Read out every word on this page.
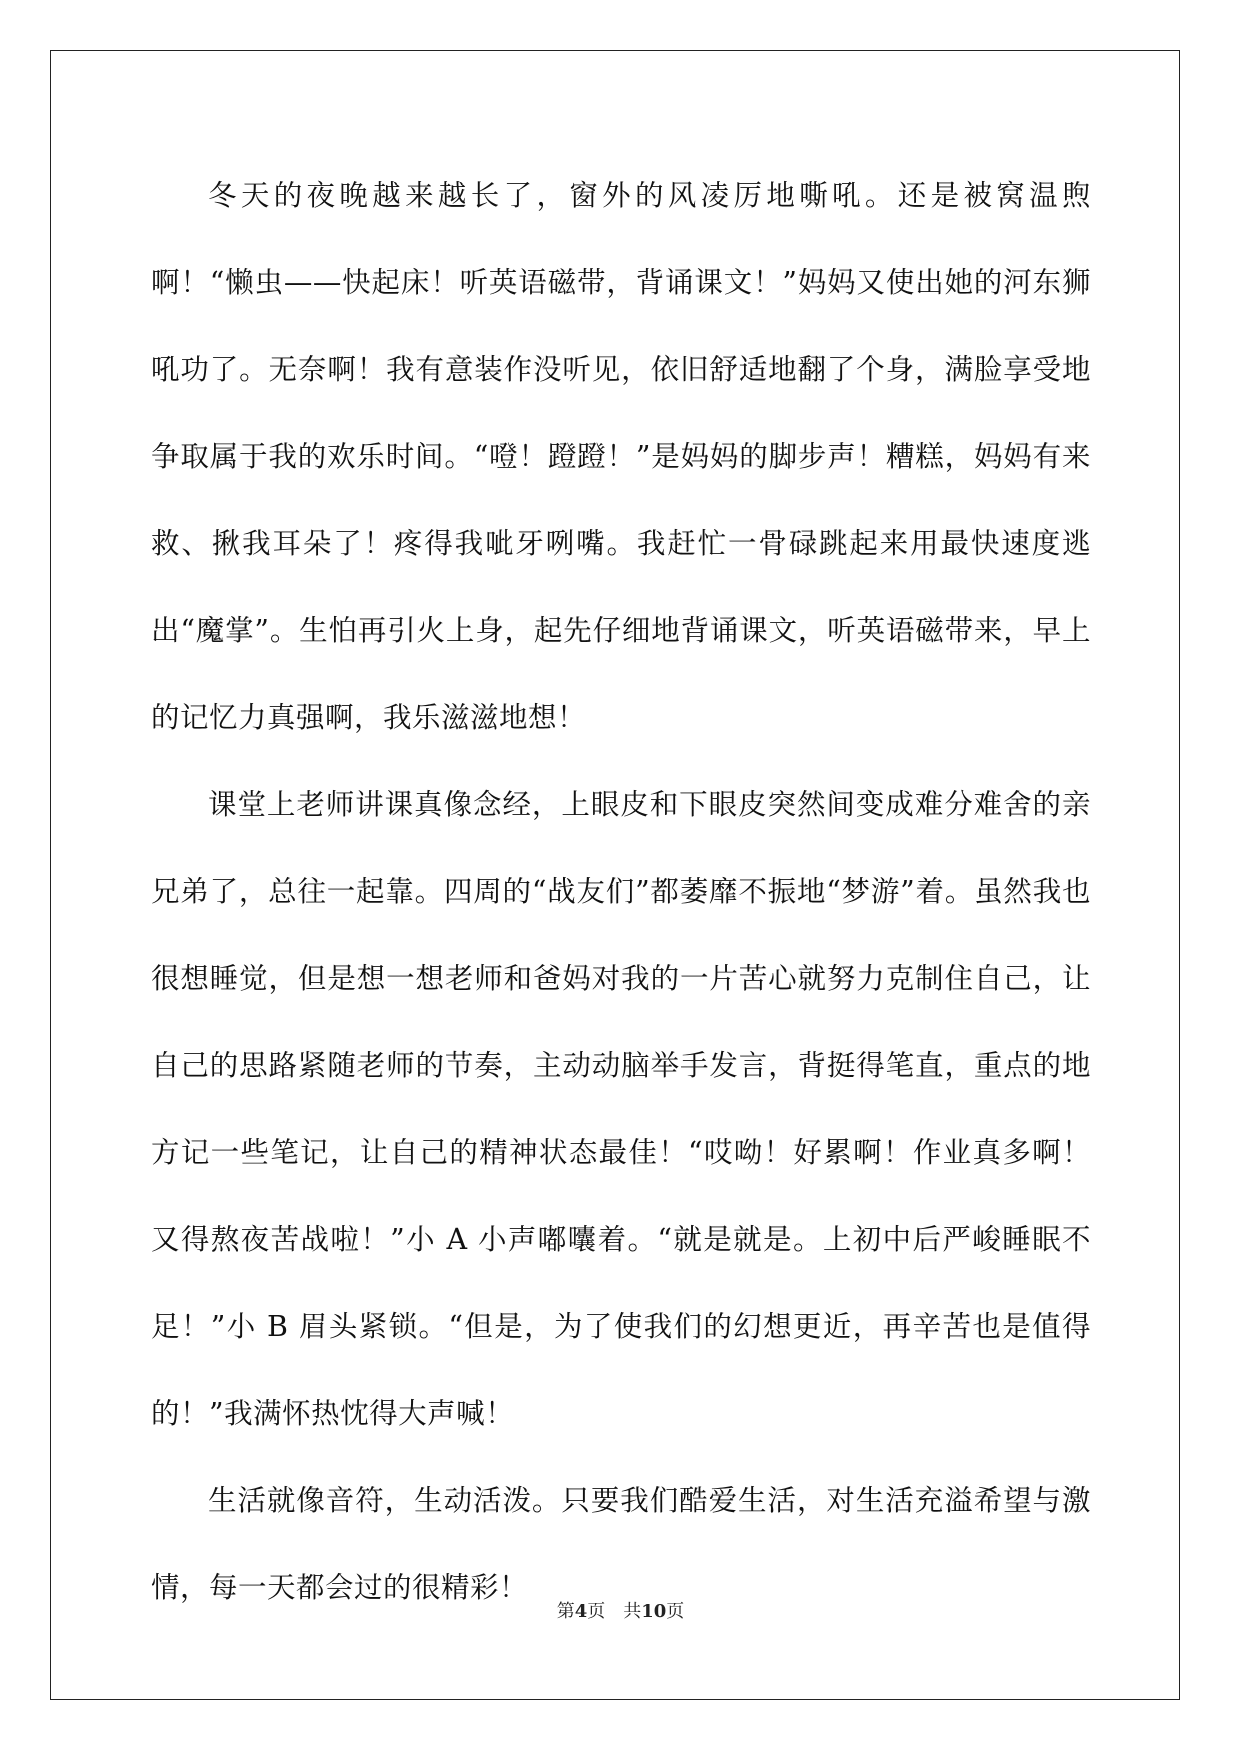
冬天的夜晚越来越长了，窗外的风凌厉地嘶吼。还是被窝温煦啊！“懒虫——快起床！听英语磁带，背诵课文！”妈妈又使出她的河东狮吼功了。无奈啊！我有意装作没听见，依旧舒适地翻了个身，满脸享受地争取属于我的欢乐时间。“噔！蹬蹬！”是妈妈的脚步声！糟糕，妈妈有来救、揪我耳朵了！疼得我呲牙咧嘴。我赶忙一骨碌跳起来用最快速度逃出“魔掌”。生怕再引火上身，起先仔细地背诵课文，听英语磁带来，早上的记忆力真强啊，我乐滋滋地想！

课堂上老师讲课真像念经，上眼皮和下眼皮突然间变成难分难舍的亲兄弟了，总往一起靠。四周的“战友们”都萎靡不振地“梦游”着。虽然我也很想睡觉，但是想一想老师和爸妈对我的一片苦心就努力克制住自己，让自己的思路紧随老师的节奏，主动动脑举手发言，背挺得笔直，重点的地方记一些笔记，让自己的精神状态最佳！“哎呦！好累啊！作业真多啊！又得熬夜苦战啦！”小 A 小声嘟囔着。“就是就是。上初中后严峻睡眠不足！”小 B 眉头紧锁。“但是，为了使我们的幻想更近，再辛苦也是值得的！”我满怀热忱得大声喊！

生活就像音符，生动活泼。只要我们酷爱生活，对生活充溢希望与激情，每一天都会过的很精彩！

第4页 共10页
